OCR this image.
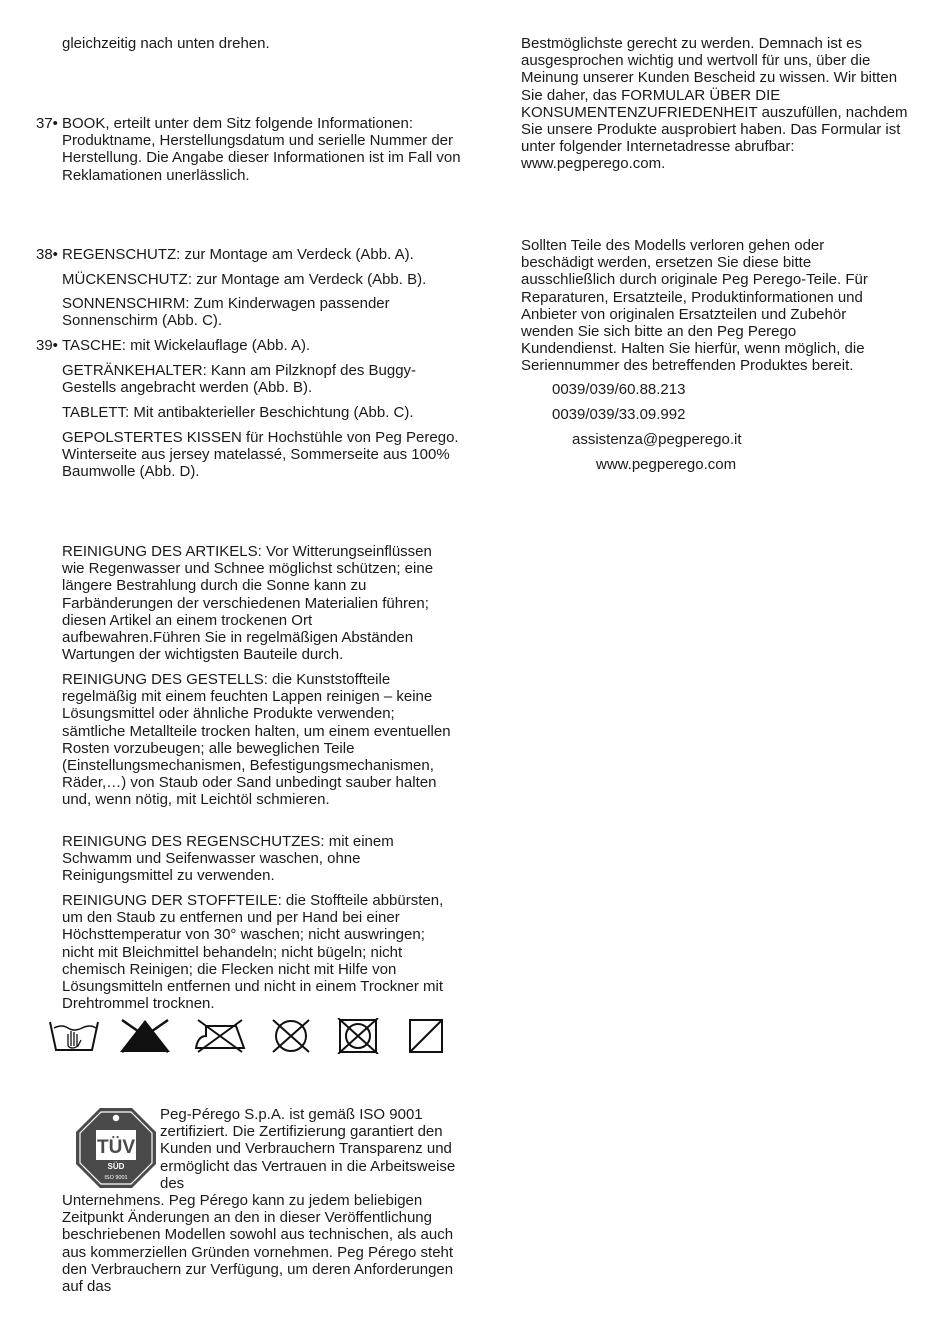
gleichzeitig nach unten drehen.

37• BOOK, erteilt unter dem Sitz folgende Informationen: Produktname, Herstellungsdatum und serielle Nummer der Herstellung. Die Angabe dieser Informationen ist im Fall von Reklamationen unerlässlich.

38• REGENSCHUTZ: zur Montage am Verdeck (Abb. A).

MÜCKENSCHUTZ: zur Montage am Verdeck (Abb. B).

SONNENSCHIRM: Zum Kinderwagen passender Sonnenschirm (Abb. C).

39• TASCHE: mit Wickelauflage (Abb. A).

GETRÄNKEHALTER: Kann am Pilzknopf des Buggy-Gestells angebracht werden (Abb. B).

TABLETT: Mit antibakterieller Beschichtung (Abb. C).

GEPOLSTERTES KISSEN für Hochstühle von Peg Perego. Winterseite aus jersey matelassé, Sommerseite aus 100% Baumwolle (Abb. D).

REINIGUNG DES ARTIKELS: Vor Witterungseinflüssen wie Regenwasser und Schnee möglichst schützen; eine längere Bestrahlung durch die Sonne kann zu Farbänderungen der verschiedenen Materialien führen; diesen Artikel an einem trockenen Ort aufbewahren.Führen Sie in regelmäßigen Abständen Wartungen der wichtigsten Bauteile durch.

REINIGUNG DES GESTELLS: die Kunststoffteile regelmäßig mit einem feuchten Lappen reinigen – keine Lösungsmittel oder ähnliche Produkte verwenden; sämtliche Metallteile trocken halten, um einem eventuellen Rosten vorzubeugen; alle beweglichen Teile (Einstellungsmechanismen, Befestigungsmechanismen, Räder,…) von Staub oder Sand unbedingt sauber halten und, wenn nötig, mit Leichtöl schmieren.

REINIGUNG DES REGENSCHUTZES: mit einem Schwamm und Seifenwasser waschen, ohne Reinigungsmittel zu verwenden.

REINIGUNG DER STOFFTEILE: die Stoffteile abbürsten, um den Staub zu entfernen und per Hand bei einer Höchsttemperatur von 30° waschen; nicht auswringen; nicht mit Bleichmittel behandeln; nicht bügeln; nicht chemisch Reinigen; die Flecken nicht mit Hilfe von Lösungsmitteln entfernen und nicht in einem Trockner mit Drehtrommel trocknen.

TÜV
SÜD
ISO 9001

Peg-Pérego S.p.A. ist gemäß ISO 9001 zertifiziert. Die Zertifizierung garantiert den Kunden und Verbrauchern Transparenz und ermöglicht das Vertrauen in die Arbeitsweise des

Unternehmens. Peg Pérego kann zu jedem beliebigen Zeitpunkt Änderungen an den in dieser Veröffentlichung beschriebenen Modellen sowohl aus technischen, als auch aus kommerziellen Gründen vornehmen. Peg Pérego steht den Verbrauchern zur Verfügung, um deren Anforderungen auf das

Bestmöglichste gerecht zu werden. Demnach ist es ausgesprochen wichtig und wertvoll für uns, über die Meinung unserer Kunden Bescheid zu wissen. Wir bitten Sie daher, das FORMULAR ÜBER DIE KONSUMENTENZUFRIEDENHEIT auszufüllen, nachdem Sie unsere Produkte ausprobiert haben. Das Formular ist unter folgender Internetadresse abrufbar: www.pegperego.com.

Sollten Teile des Modells verloren gehen oder beschädigt werden, ersetzen Sie diese bitte ausschließlich durch originale Peg Perego-Teile. Für Reparaturen, Ersatzteile, Produktinformationen und Anbieter von originalen Ersatzteilen und Zubehör wenden Sie sich bitte an den Peg Perego Kundendienst. Halten Sie hierfür, wenn möglich, die Seriennummer des betreffenden Produktes bereit.

0039/039/60.88.213
0039/039/33.09.992
assistenza@pegperego.it
www.pegperego.com
